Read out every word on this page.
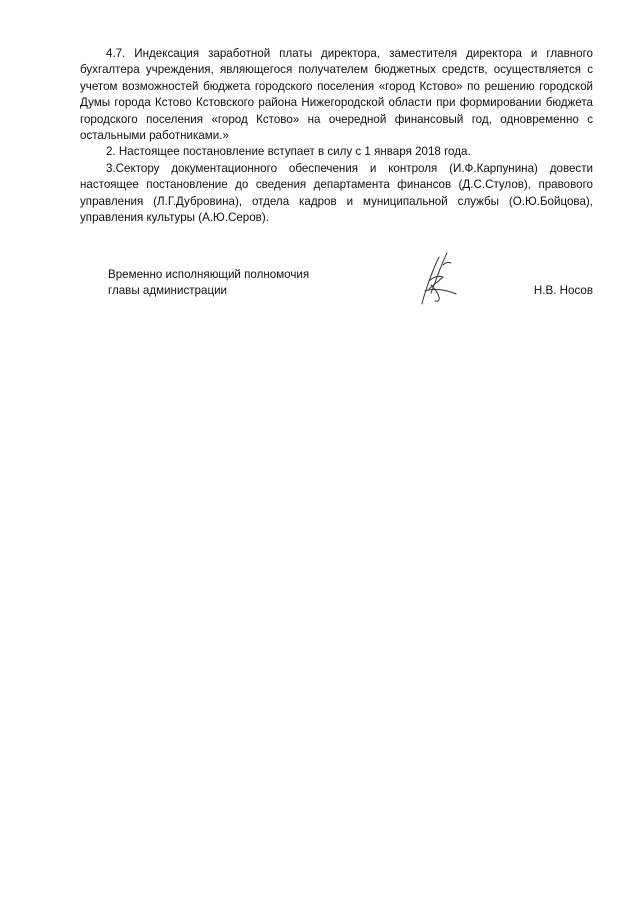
4.7. Индексация заработной платы директора, заместителя директора и главного бухгалтера учреждения, являющегося получателем бюджетных средств, осуществляется с учетом возможностей бюджета городского поселения «город Кстово» по решению городской Думы города Кстово Кстовского района Нижегородской области при формировании бюджета городского поселения «город Кстово» на очередной финансовый год, одновременно с остальными работниками.»

2. Настоящее постановление вступает в силу с 1 января 2018 года.

3.Сектору документационного обеспечения и контроля (И.Ф.Карпунина) довести настоящее постановление до сведения департамента финансов (Д.С.Стулов), правового управления (Л.Г.Дубровина), отдела кадров и муниципальной службы (О.Ю.Бойцова), управления культуры (А.Ю.Серов).

Временно исполняющий полномочия
главы администрации	Н.В. Носов
